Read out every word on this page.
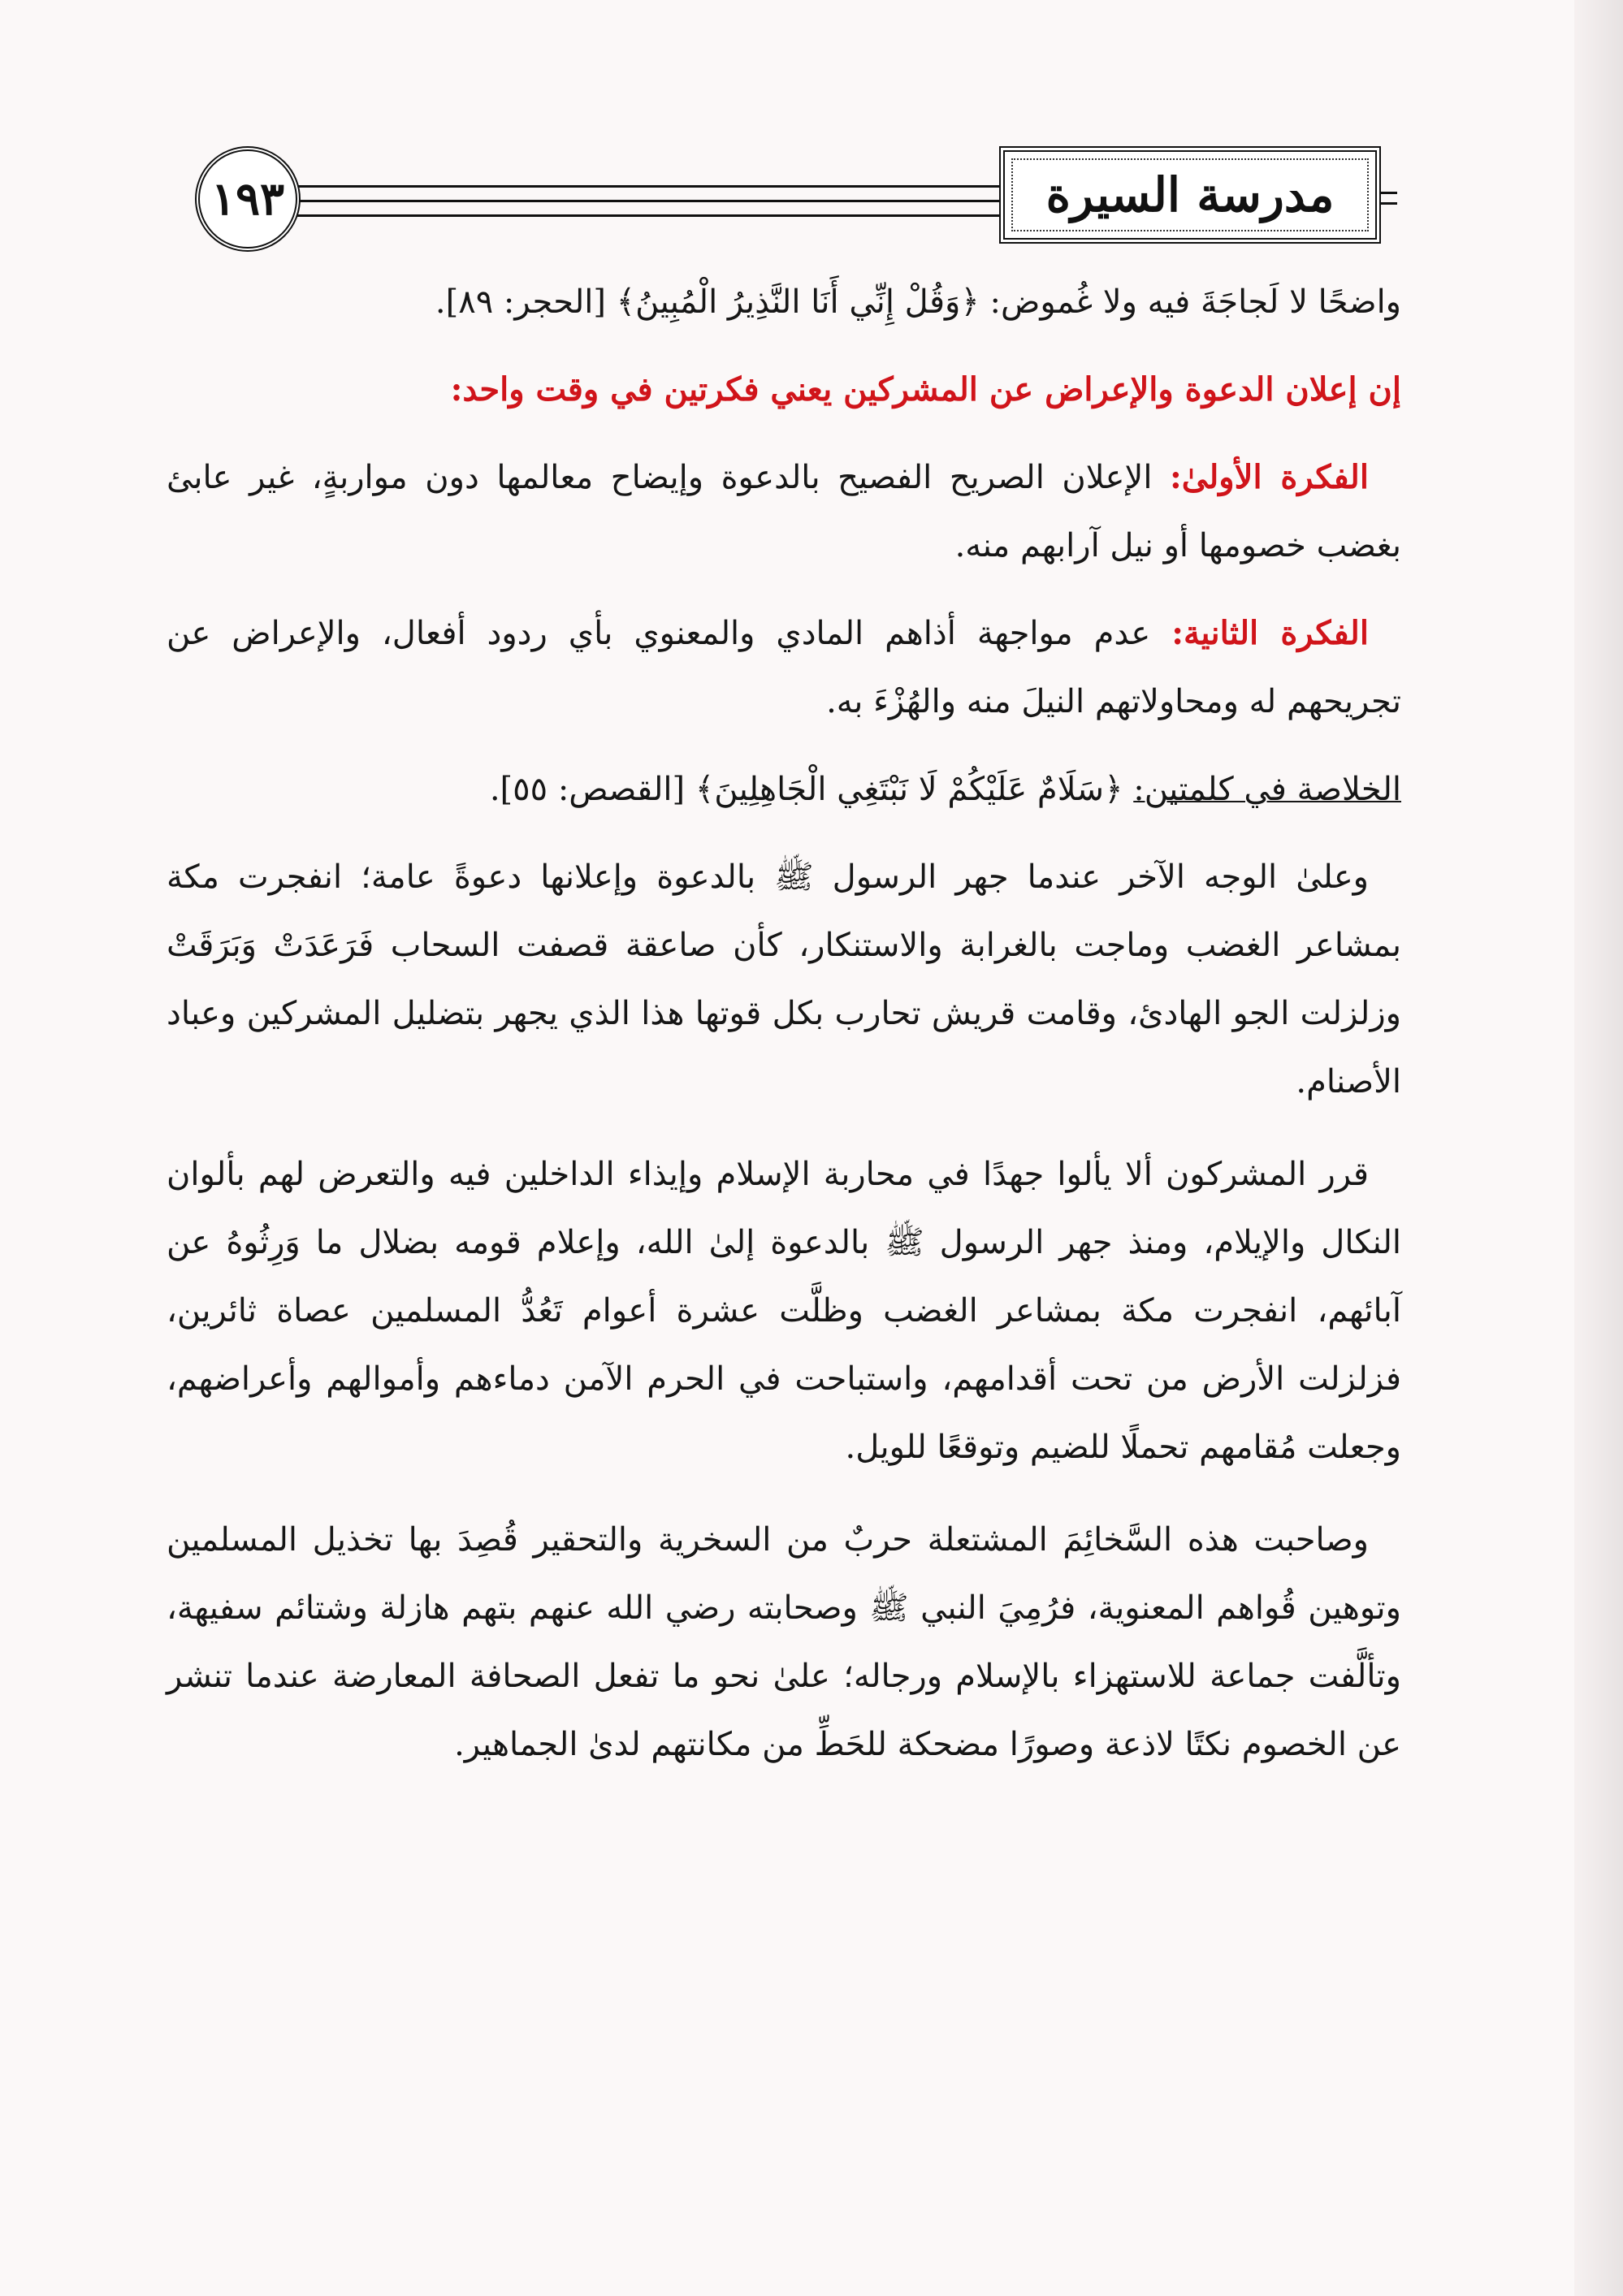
١٩٣	مدرسة السيرة

واضحًا لا لَجاجَةَ فيه ولا غُموض: ﴿وَقُلْ إِنِّي أَنَا النَّذِيرُ الْمُبِينُ﴾ [الحجر: ٨٩].

إن إعلان الدعوة والإعراض عن المشركين يعني فكرتين في وقت واحد:

الفكرة الأولىٰ: الإعلان الصريح الفصيح بالدعوة وإيضاح معالمها دون مواربةٍ، غير عابئ بغضب خصومها أو نيل آرابهم منه.

الفكرة الثانية: عدم مواجهة أذاهم المادي والمعنوي بأي ردود أفعال، والإعراض عن تجريحهم له ومحاولاتهم النيلَ منه والهُزْءَ به.

الخلاصة في كلمتين: ﴿سَلَامٌ عَلَيْكُمْ لَا نَبْتَغِي الْجَاهِلِينَ﴾ [القصص: ٥٥].

وعلىٰ الوجه الآخر عندما جهر الرسول ﷺ بالدعوة وإعلانها دعوةً عامة؛ انفجرت مكة بمشاعر الغضب وماجت بالغرابة والاستنكار، كأن صاعقة قصفت السحاب فَرَعَدَتْ وَبَرَقَتْ وزلزلت الجو الهادئ، وقامت قريش تحارب بكل قوتها هذا الذي يجهر بتضليل المشركين وعباد الأصنام.

قرر المشركون ألا يألوا جهدًا في محاربة الإسلام وإيذاء الداخلين فيه والتعرض لهم بألوان النكال والإيلام، ومنذ جهر الرسول ﷺ بالدعوة إلىٰ الله، وإعلام قومه بضلال ما وَرِثُوهُ عن آبائهم، انفجرت مكة بمشاعر الغضب وظلَّت عشرة أعوام تَعُدُّ المسلمين عصاة ثائرين، فزلزلت الأرض من تحت أقدامهم، واستباحت في الحرم الآمن دماءهم وأموالهم وأعراضهم، وجعلت مُقامهم تحملًا للضيم وتوقعًا للويل.

وصاحبت هذه السَّخائِمَ المشتعلة حربٌ من السخرية والتحقير قُصِدَ بها تخذيل المسلمين وتوهين قُواهم المعنوية، فرُمِيَ النبي ﷺ وصحابته رضي الله عنهم بتهم هازلة وشتائم سفيهة، وتألَّفت جماعة للاستهزاء بالإسلام ورجاله؛ علىٰ نحو ما تفعل الصحافة المعارضة عندما تنشر عن الخصوم نكتًا لاذعة وصورًا مضحكة للحَطِّ من مكانتهم لدىٰ الجماهير.
